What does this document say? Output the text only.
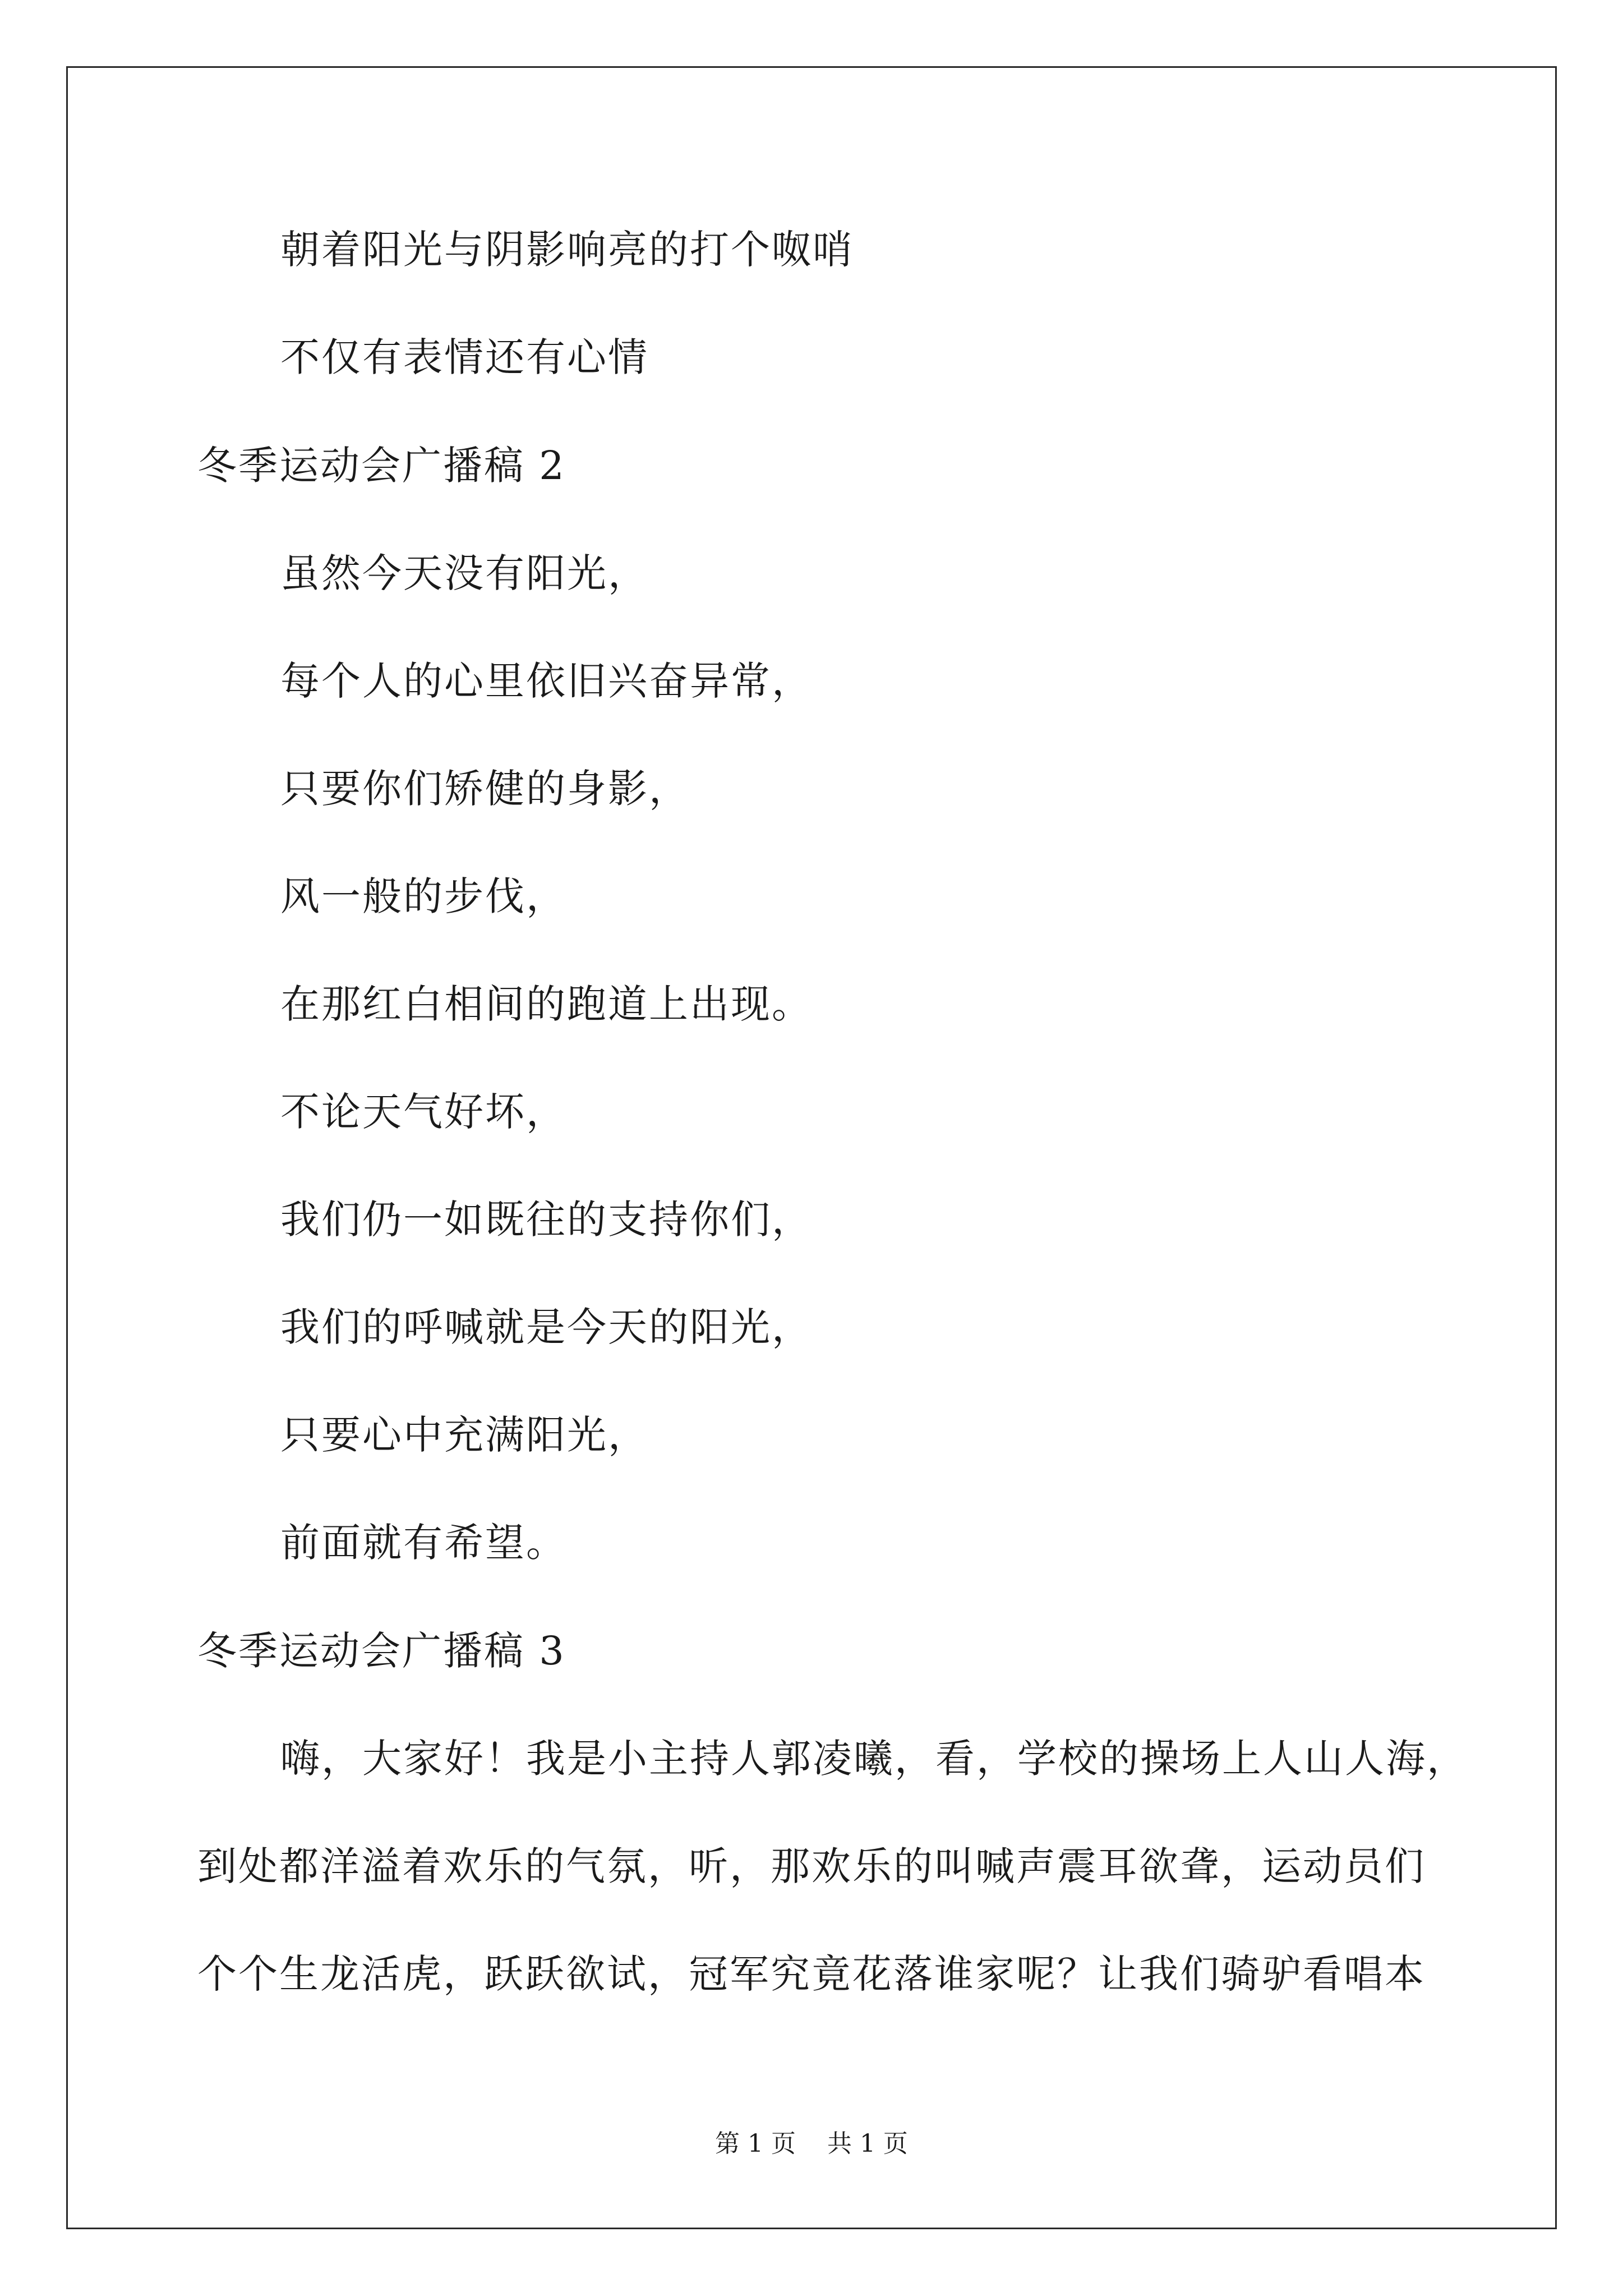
朝着阳光与阴影响亮的打个呶哨
不仅有表情还有心情
冬季运动会广播稿 2
虽然今天没有阳光，
每个人的心里依旧兴奋异常，
只要你们矫健的身影，
风一般的步伐，
在那红白相间的跑道上出现。
不论天气好坏，
我们仍一如既往的支持你们，
我们的呼喊就是今天的阳光，
只要心中充满阳光，
前面就有希望。
冬季运动会广播稿 3
嗨，大家好！我是小主持人郭凌曦，看，学校的操场上人山人海，
到处都洋溢着欢乐的气氛，听，那欢乐的叫喊声震耳欲聋，运动员们
个个生龙活虎，跃跃欲试，冠军究竟花落谁家呢？让我们骑驴看唱本
第 1 页    共 1 页
